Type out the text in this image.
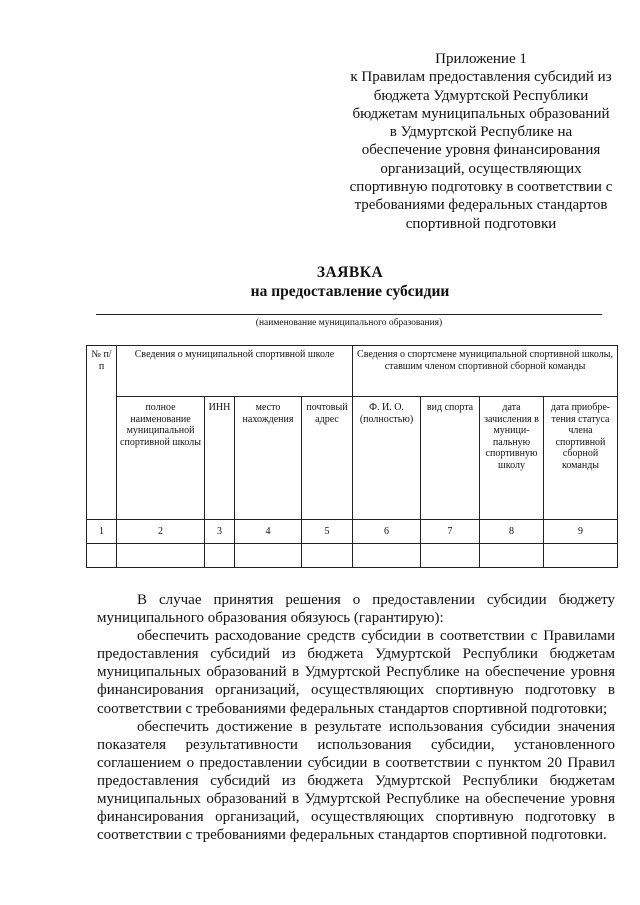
Приложение 1
к Правилам предоставления субсидий из
бюджета Удмуртской Республики
бюджетам муниципальных образований
в Удмуртской Республике на
обеспечение уровня финансирования
организаций, осуществляющих
спортивную подготовку в соответствии с
требованиями федеральных стандартов
спортивной подготовки
ЗАЯВКА
на предоставление субсидии
(наименование муниципального образования)
№ п/п	Сведения о муниципальной спортивной школе				Сведения о спортсмене муниципальной спортивной школы, ставшим членом спортивной сборной команды			
	полное наименование муниципальной спортивной школы	ИНН	место нахождения	почтовый адрес	Ф. И. О. (полностью)	вид спорта	дата зачисления в муници-пальную спортивную школу	дата приобре-тения статуса члена спортивной сборной команды
1	2	3	4	5	6	7	8	9

В случае принятия решения о предоставлении субсидии бюджету муниципального образования обязуюсь (гарантирую):

обеспечить расходование средств субсидии в соответствии с Правилами предоставления субсидий из бюджета Удмуртской Республики бюджетам муниципальных образований в Удмуртской Республике на обеспечение уровня финансирования организаций, осуществляющих спортивную подготовку в соответствии с требованиями федеральных стандартов спортивной подготовки;

обеспечить достижение в результате использования субсидии значения показателя результативности использования субсидии, установленного соглашением о предоставлении субсидии в соответствии с пунктом 20 Правил предоставления субсидий из бюджета Удмуртской Республики бюджетам муниципальных образований в Удмуртской Республике на обеспечение уровня финансирования организаций, осуществляющих спортивную подготовку в соответствии с требованиями федеральных стандартов спортивной подготовки.
